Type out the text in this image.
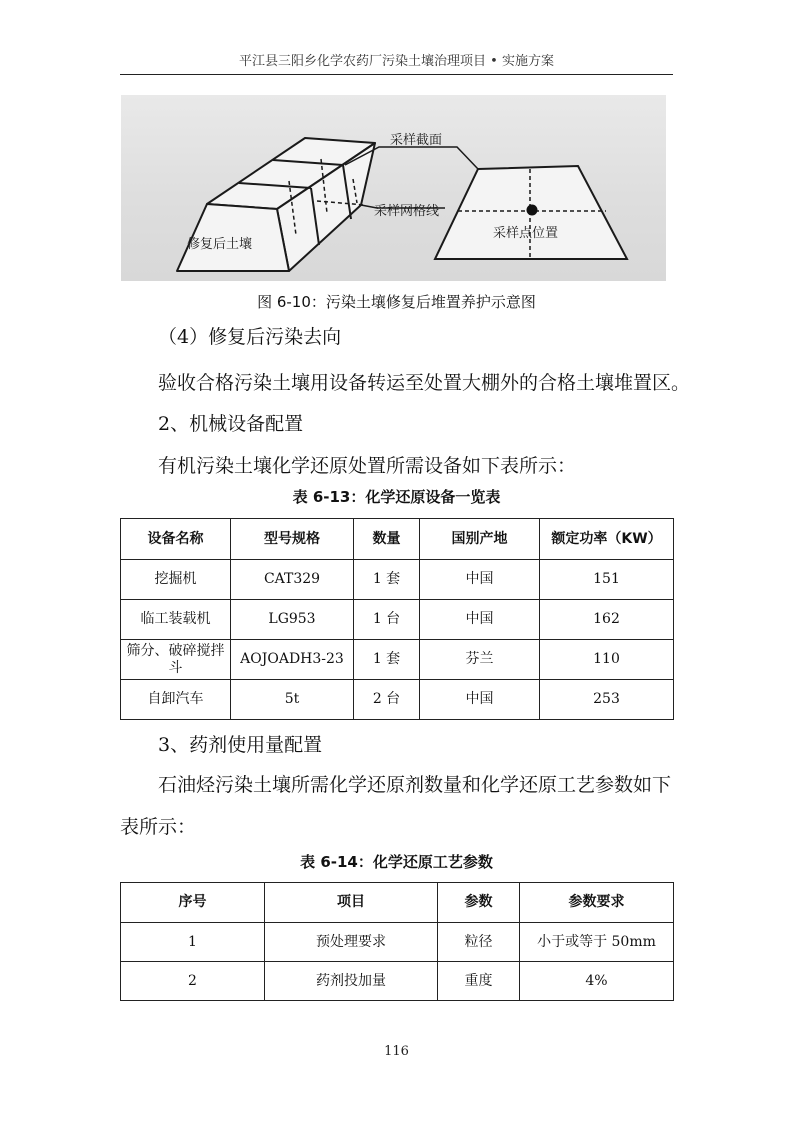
平江县三阳乡化学农药厂污染土壤治理项目 • 实施方案
采样截面
采样网格线
修复后土壤
采样点位置
图 6-10：污染土壤修复后堆置养护示意图
（4）修复后污染去向
验收合格污染土壤用设备转运至处置大棚外的合格土壤堆置区。
2、机械设备配置
有机污染土壤化学还原处置所需设备如下表所示：
表 6-13：化学还原设备一览表
设备名称	型号规格	数量	国别产地	额定功率（KW）
挖掘机	CAT329	1 套	中国	151
临工装载机	LG953	1 台	中国	162
筛分、破碎搅拌斗	AOJOADH3-23	1 套	芬兰	110
自卸汽车	5t	2 台	中国	253
3、药剂使用量配置
石油烃污染土壤所需化学还原剂数量和化学还原工艺参数如下
表所示：
表 6-14：化学还原工艺参数
序号	项目	参数	参数要求
1	预处理要求	粒径	小于或等于 50mm
2	药剂投加量	重度	4%
116
